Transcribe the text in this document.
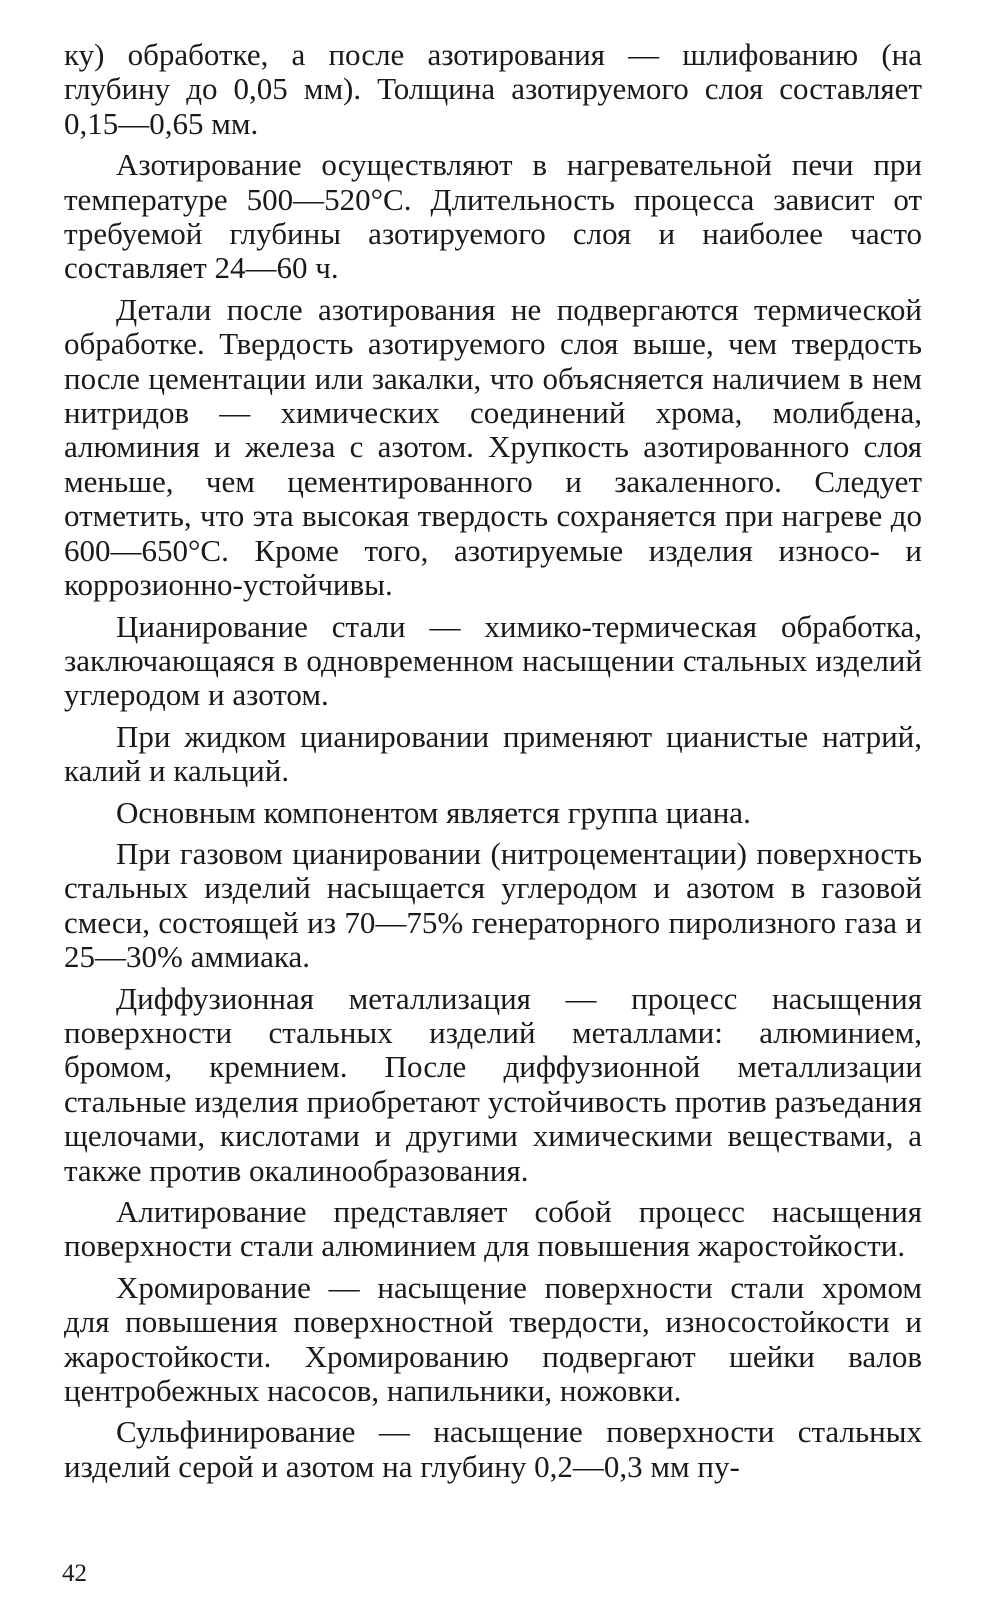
ку) обработке, а после азотирования — шлифованию (на глубину до 0,05 мм). Толщина азотируемого слоя составляет 0,15—0,65 мм.

Азотирование осуществляют в нагревательной печи при температуре 500—520°С. Длительность процесса зависит от требуемой глубины азотируемого слоя и наиболее часто составляет 24—60 ч.

Детали после азотирования не подвергаются термической обработке. Твердость азотируемого слоя выше, чем твердость после цементации или закалки, что объясняется наличием в нем нитридов — химических соединений хрома, молибдена, алюминия и железа с азотом. Хрупкость азотированного слоя меньше, чем цементированного и закаленного. Следует отметить, что эта высокая твердость сохраняется при нагреве до 600—650°С. Кроме того, азотируемые изделия износо- и коррозионно-устойчивы.

Цианирование стали — химико-термическая обработка, заключающаяся в одновременном насыщении стальных изделий углеродом и азотом.

При жидком цианировании применяют цианистые натрий, калий и кальций.

Основным компонентом является группа циана.

При газовом цианировании (нитроцементации) поверхность стальных изделий насыщается углеродом и азотом в газовой смеси, состоящей из 70—75% генераторного пиролизного газа и 25—30% аммиака.

Диффузионная металлизация — процесс насыщения поверхности стальных изделий металлами: алюминием, бромом, кремнием. После диффузионной металлизации стальные изделия приобретают устойчивость против разъедания щелочами, кислотами и другими химическими веществами, а также против окалинообразования.

Алитирование представляет собой процесс насыщения поверхности стали алюминием для повышения жаростойкости.

Хромирование — насыщение поверхности стали хромом для повышения поверхностной твердости, износостойкости и жаростойкости. Хромированию подвергают шейки валов центробежных насосов, напильники, ножовки.

Сульфинирование — насыщение поверхности стальных изделий серой и азотом на глубину 0,2—0,3 мм пу-

42
